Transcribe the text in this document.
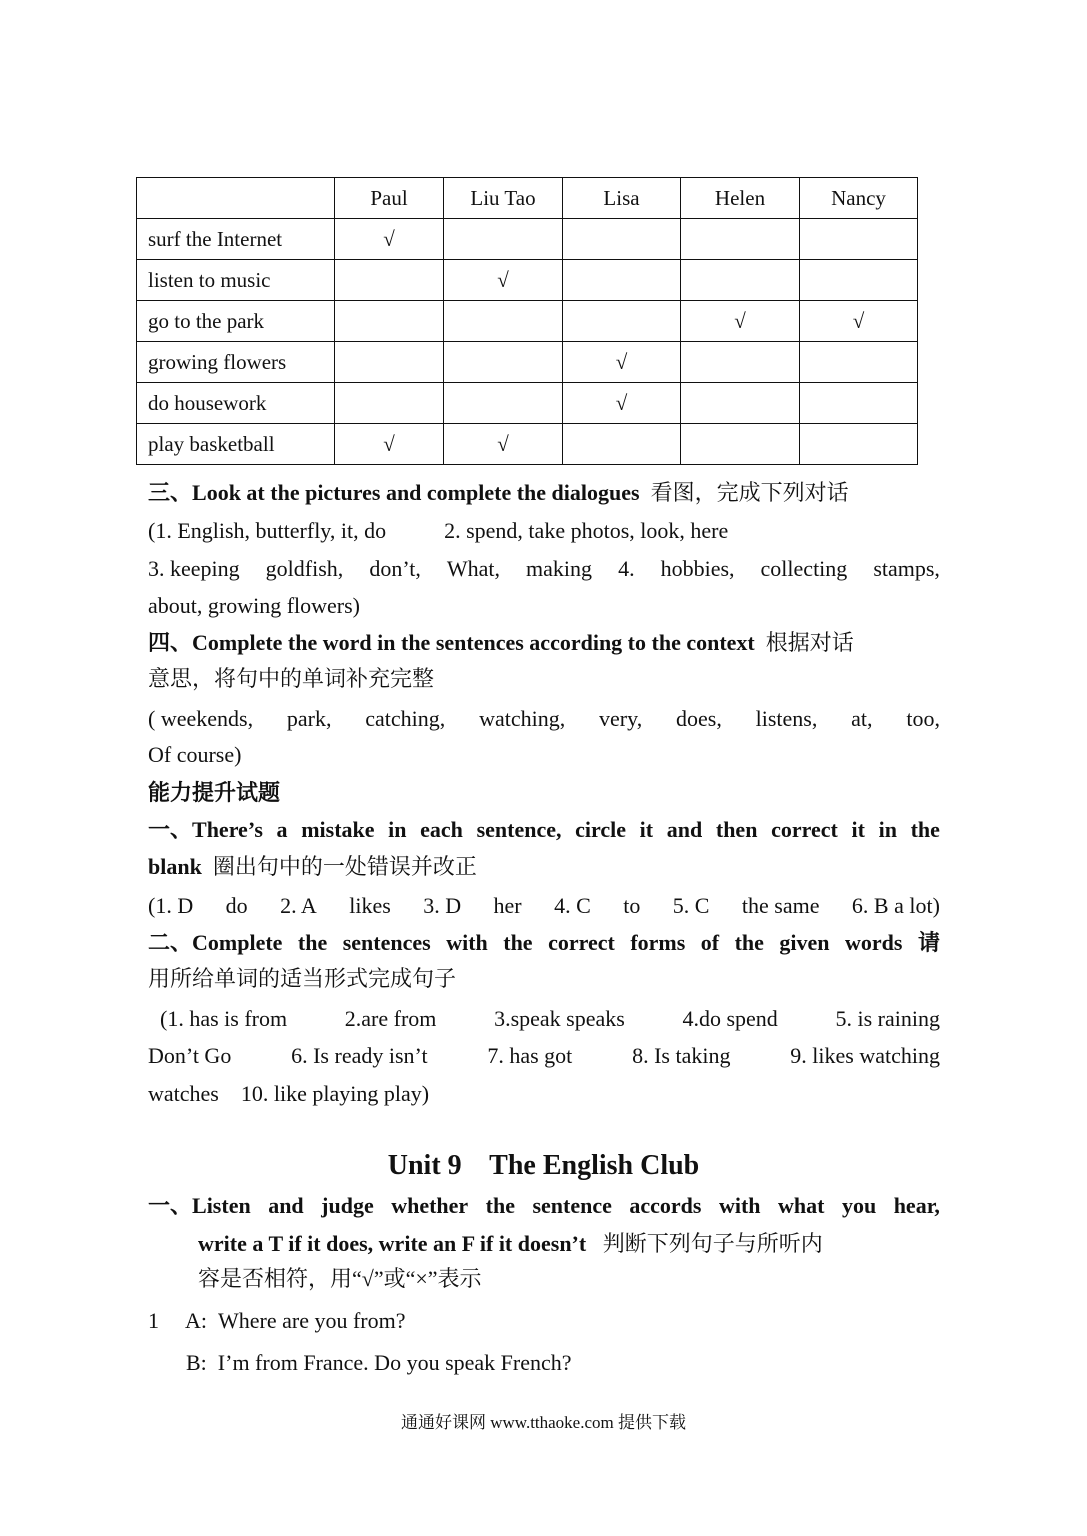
	Paul	Liu Tao	Lisa	Helen	Nancy
surf the Internet	√				
listen to music		√			
go to the park				√	√
growing flowers			√		
do housework			√		
play basketball	√	√			
三、Look at the pictures and complete the dialogues 看图，完成下列对话
(1. English, butterfly, it, do	2. spend, take photos, look, here
3. keeping goldfish, don’t, What, making 4. hobbies, collecting stamps,
about, growing flowers)
四、Complete the word in the sentences according to the context 根据对话
意思，将句中的单词补充完整
( weekends, park, catching, watching, very, does, listens, at, too,
Of course)
能力提升试题
一、There’s a mistake in each sentence, circle it and then correct it in the
blank 圈出句中的一处错误并改正
(1. D do 2. A likes 3. D her 4. C to 5. C the same 6. B a lot)
二、Complete the sentences with the correct forms of the given words 请
用所给单词的适当形式完成句子
(1. has is from	2.are from	3.speak speaks	4.do spend	5. is raining
Don’t Go	6. Is ready isn’t	7. has got	8. Is taking	9. likes watching
watches 10. like playing play)
Unit 9    The English Club
一、Listen and judge whether the sentence accords with what you hear,
write a T if it does, write an F if it doesn’t 判断下列句子与所听内
容是否相符，用“√”或“×”表示
1 A: Where are you from?
B: I’m from France. Do you speak French?
通通好课网 www.tthaoke.com 提供下载
